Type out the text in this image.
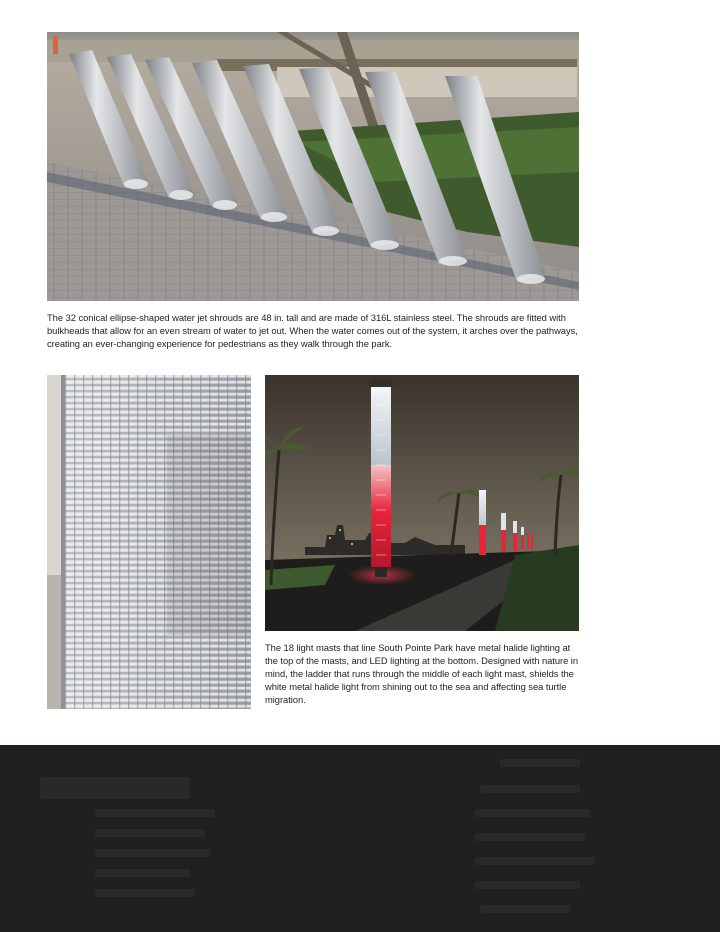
The 32 conical ellipse-shaped water jet shrouds are 48 in. tall and are made of 316L stainless steel. The shrouds are fitted with bulkheads that allow for an even stream of water to jet out. When the water comes out of the system, it arches over the pathways, creating an ever-changing experience for pedestrians as they walk through the park.

The 18 light masts that line South Pointe Park have metal halide lighting at the top of the masts, and LED lighting at the bottom. Designed with nature in mind, the ladder that runs through the middle of each light mast, shields the white metal halide light from shining out to the sea and affecting sea turtle migration.
